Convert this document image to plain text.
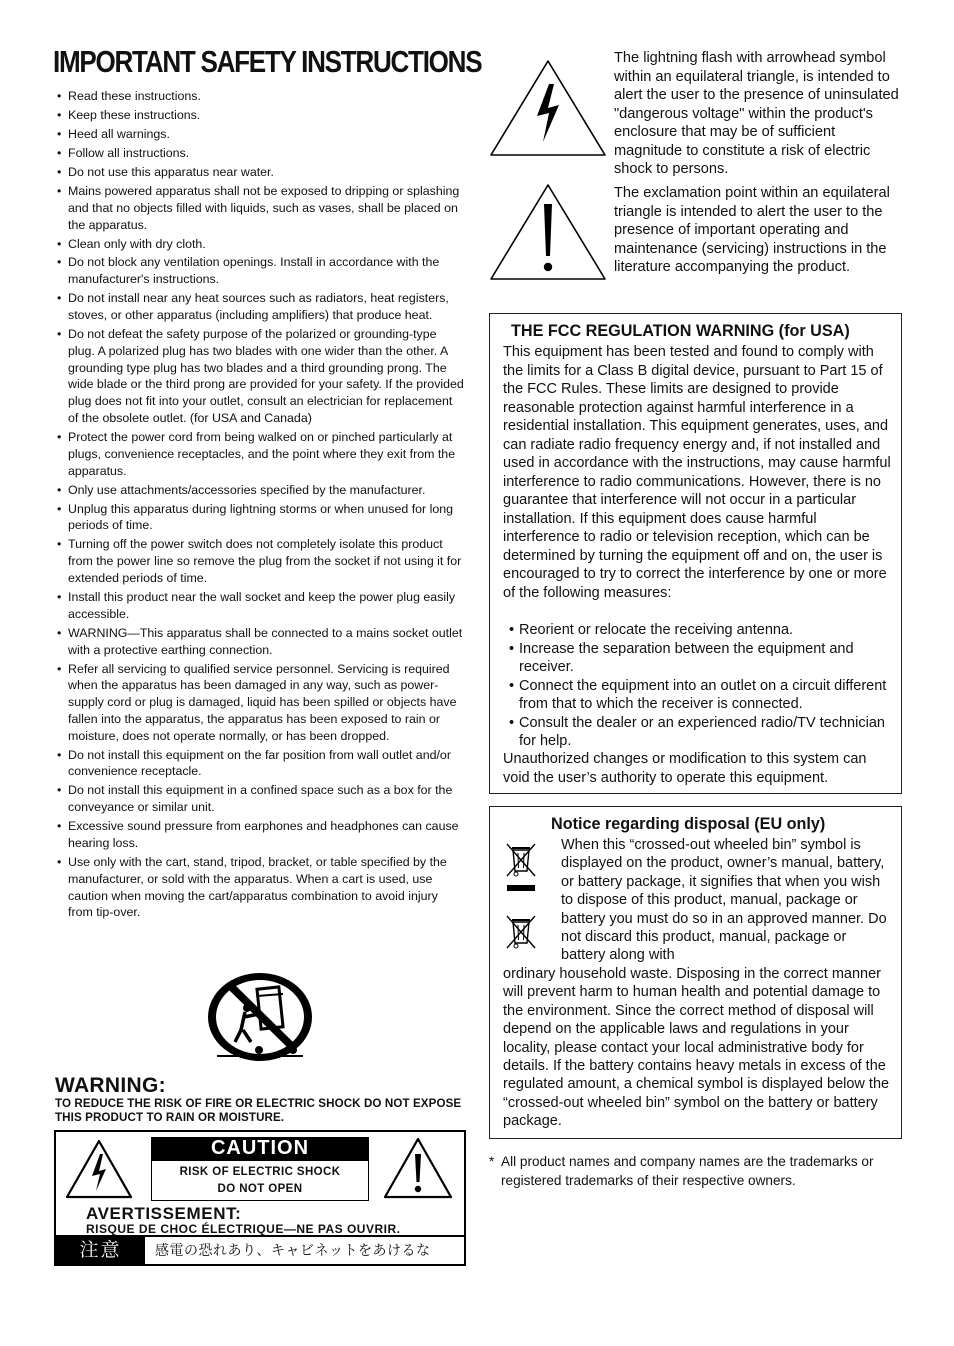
IMPORTANT SAFETY INSTRUCTIONS
• Read these instructions.
• Keep these instructions.
• Heed all warnings.
• Follow all instructions.
• Do not use this apparatus near water.
• Mains powered apparatus shall not be exposed to dripping or splashing and that no objects filled with liquids, such as vases, shall be placed on the apparatus.
• Clean only with dry cloth.
• Do not block any ventilation openings. Install in accordance with the manufacturer's instructions.
• Do not install near any heat sources such as radiators, heat registers, stoves, or other apparatus (including amplifiers) that produce heat.
• Do not defeat the safety purpose of the polarized or grounding-type plug. A polarized plug has two blades with one wider than the other. A grounding type plug has two blades and a third grounding prong. The wide blade or the third prong are provided for your safety. If the provided plug does not fit into your outlet, consult an electrician for replacement of the obsolete outlet. (for USA and Canada)
• Protect the power cord from being walked on or pinched particularly at plugs, convenience receptacles, and the point where they exit from the apparatus.
• Only use attachments/accessories specified by the manufacturer.
• Unplug this apparatus during lightning storms or when unused for long periods of time.
• Turning off the power switch does not completely isolate this product from the power line so remove the plug from the socket if not using it for extended periods of time.
• Install this product near the wall socket and keep the power plug easily accessible.
• WARNING—This apparatus shall be connected to a mains socket outlet with a protective earthing connection.
• Refer all servicing to qualified service personnel. Servicing is required when the apparatus has been damaged in any way, such as power-supply cord or plug is damaged, liquid has been spilled or objects have fallen into the apparatus, the apparatus has been exposed to rain or moisture, does not operate normally, or has been dropped.
• Do not install this equipment on the far position from wall outlet and/or convenience receptacle.
• Do not install this equipment in a confined space such as a box for the conveyance or similar unit.
• Excessive sound pressure from earphones and headphones can cause hearing loss.
• Use only with the cart, stand, tripod, bracket, or table specified by the manufacturer, or sold with the apparatus. When a cart is used, use caution when moving the cart/apparatus combination to avoid injury from tip-over.
WARNING:

TO REDUCE THE RISK OF FIRE OR ELECTRIC SHOCK DO NOT EXPOSE THIS PRODUCT TO RAIN OR MOISTURE.

CAUTION
RISK OF ELECTRIC SHOCK
DO NOT OPEN
AVERTISSEMENT:
RISQUE DE CHOC ÉLECTRIQUE—NE PAS OUVRIR.
注意	感電の恐れあり、キャビネットをあけるな

The lightning flash with arrowhead symbol within an equilateral triangle, is intended to alert the user to the presence of uninsulated "dangerous voltage" within the product's enclosure that may be of sufficient magnitude to constitute a risk of electric shock to persons.

The exclamation point within an equilateral triangle is intended to alert the user to the presence of important operating and maintenance (servicing) instructions in the literature accompanying the product.

THE FCC REGULATION WARNING (for USA)

This equipment has been tested and found to comply with the limits for a Class B digital device, pursuant to Part 15 of the FCC Rules. These limits are designed to provide reasonable protection against harmful interference in a residential installation. This equipment generates, uses, and can radiate radio frequency energy and, if not installed and used in accordance with the instructions, may cause harmful interference to radio communications. However, there is no guarantee that interference will not occur in a particular installation. If this equipment does cause harmful interference to radio or television reception, which can be determined by turning the equipment off and on, the user is encouraged to try to correct the interference by one or more of the following measures:

• Reorient or relocate the receiving antenna.
• Increase the separation between the equipment and receiver.
• Connect the equipment into an outlet on a circuit different from that to which the receiver is connected.
• Consult the dealer or an experienced radio/TV technician for help.

Unauthorized changes or modification to this system can void the user’s authority to operate this equipment.

Notice regarding disposal (EU only)

When this “crossed-out wheeled bin” symbol is displayed on the product, owner’s manual, battery, or battery package, it signifies that when you wish to dispose of this product, manual, package or battery you must do so in an approved manner. Do not discard this product, manual, package or battery along with

ordinary household waste. Disposing in the correct manner will prevent harm to human health and potential damage to the environment. Since the correct method of disposal will depend on the applicable laws and regulations in your locality, please contact your local administrative body for details. If the battery contains heavy metals in excess of the regulated amount, a chemical symbol is displayed below the “crossed-out wheeled bin” symbol on the battery or battery package.

* All product names and company names are the trademarks or registered trademarks of their respective owners.
